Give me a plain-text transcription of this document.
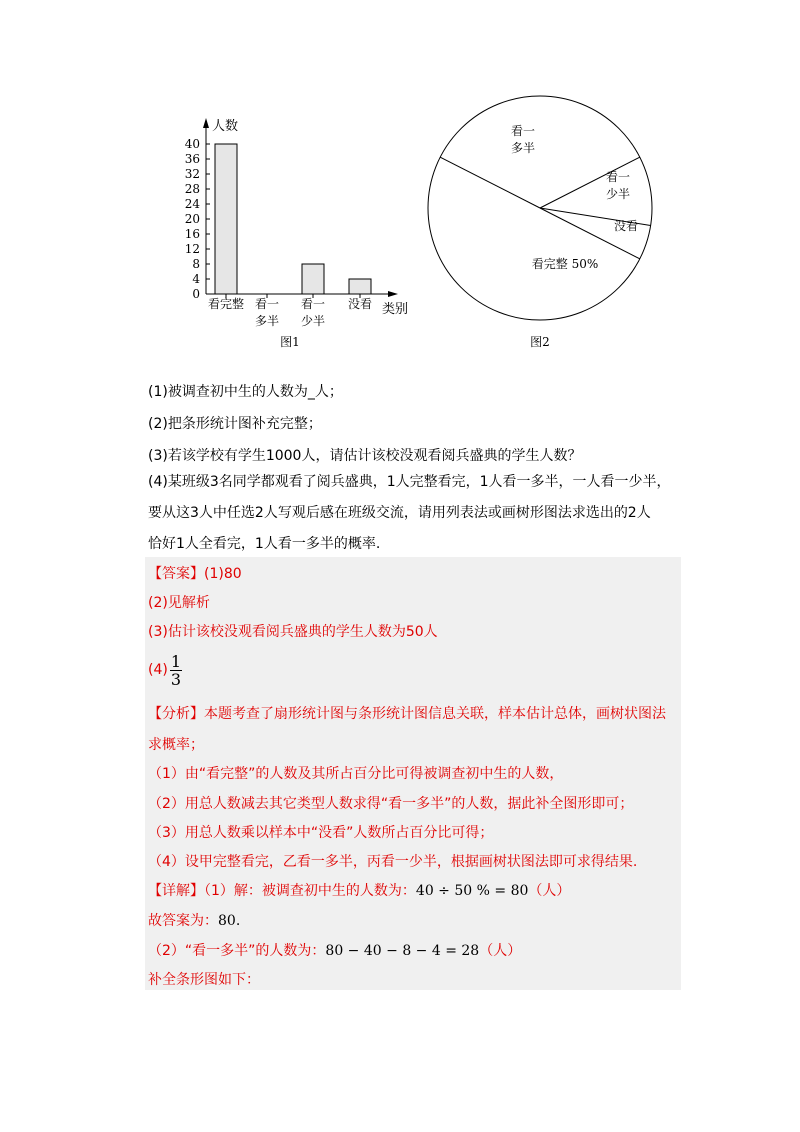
人数
类别
0
4
8
12
16
20
24
28
32
36
40
看完整 看一
多半
看一
少半
没看
图1
看完整 50%
看一
多半
看一
少半
没看
图2
(1)被调查初中生的人数为_人；
(2)把条形统计图补充完整；
(3)若该学校有学生1000人，请估计该校没观看阅兵盛典的学生人数？
(4)某班级3名同学都观看了阅兵盛典，1人完整看完，1人看一多半，一人看一少半，
要从这3人中任选2人写观后感在班级交流，请用列表法或画树形图法求选出的2人
恰好1人全看完，1人看一多半的概率.
【答案】(1)80
(2)见解析
(3)估计该校没观看阅兵盛典的学生人数为50人
$(4) \frac{1}{3}$
【分析】本题考查了扇形统计图与条形统计图信息关联，样本估计总体，画树状图法
求概率；
（1）由“看完整”的人数及其所占百分比可得被调查初中生的人数，
（2）用总人数减去其它类型人数求得“看一多半”的人数，据此补全图形即可；
（3）用总人数乘以样本中“没看”人数所占百分比可得；
（4）设甲完整看完，乙看一多半，丙看一少半，根据画树状图法即可求得结果.
【详解】（1）解：被调查初中生的人数为：40 ÷ 50 % = 80（人）
故答案为：80.
（2）“看一多半”的人数为：80 − 40 − 8 − 4 = 28（人）
补全条形图如下：
